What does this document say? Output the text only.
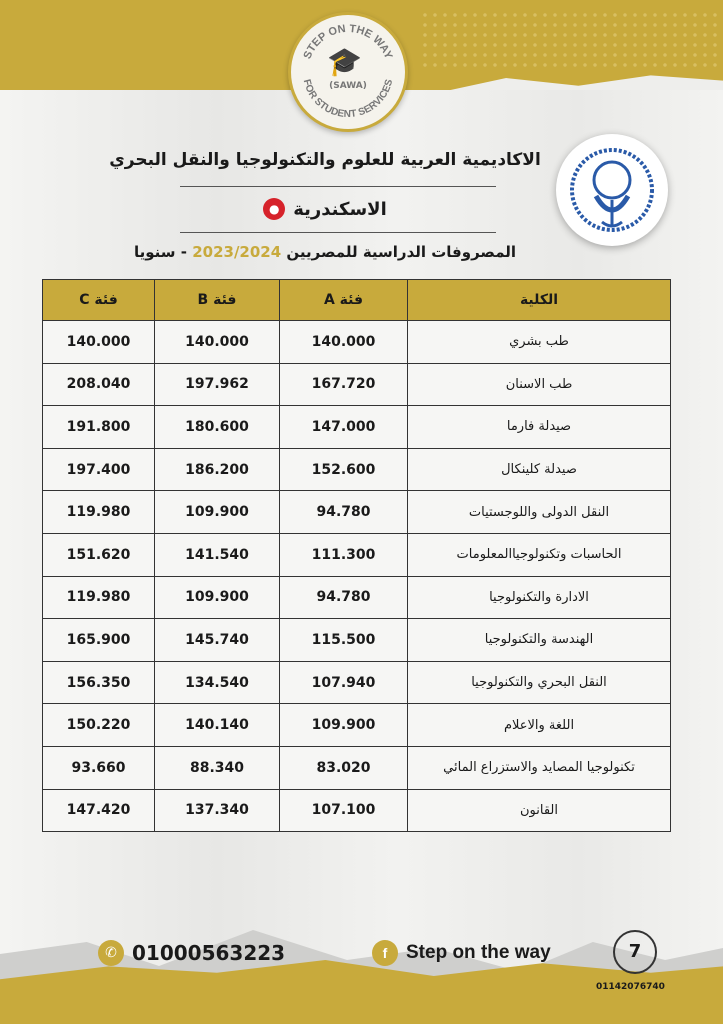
STEP ON THE WAY
FOR STUDENT SERVICES
🎓
(SAWA)
الاكاديمية العربية للعلوم والتكنولوجيا والنقل البحري
الاسكندرية
●
المصروفات الدراسية للمصريين 2023/2024 - سنويا
الكلية	فئة A	فئة B	فئة C
طب بشري	140.000	140.000	140.000
طب الاسنان	167.720	197.962	208.040
صيدلة فارما	147.000	180.600	191.800
صيدلة كلينكال	152.600	186.200	197.400
النقل الدولى واللوجستيات	94.780	109.900	119.980
الحاسبات وتكنولوجياالمعلومات	111.300	141.540	151.620
الادارة والتكنولوجيا	94.780	109.900	119.980
الهندسة والتكنولوجيا	115.500	145.740	165.900
النقل البحري والتكنولوجيا	107.940	134.540	156.350
اللغة والاعلام	109.900	140.140	150.220
تكنولوجيا المصايد والاستزراع المائي	83.020	88.340	93.660
القانون	107.100	137.340	147.420
✆ 01000563223	f Step on the way	7
01142076740
